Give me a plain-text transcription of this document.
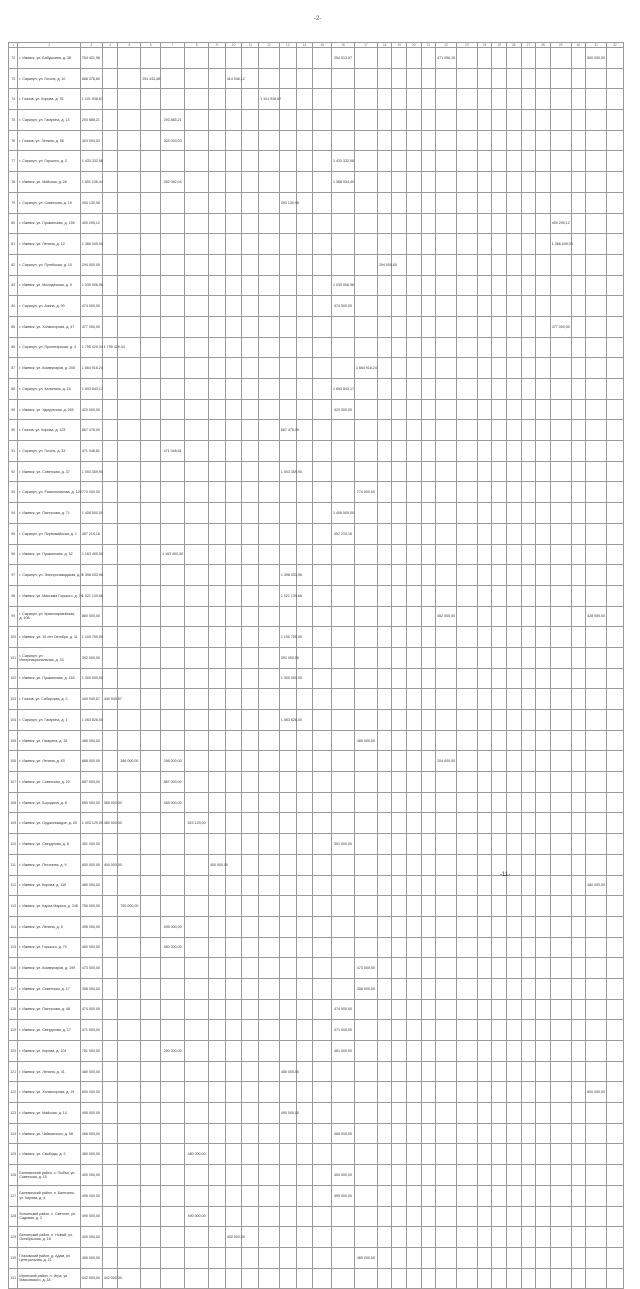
-2-
1	2	3	4	5	6	7	8	9	10	11	12	13	14	15	16	17	18	19	20	21	22	23	24	25	26	27	28	29	30	31	32
72	г. Ижевск, ул. Бабушкина, д. 38	754 421,96													254 513,97						471 096,15									500 000,00	
73	г. Сарапул, ул. Гоголя, д. 10	666 378,80			251 432,68				414 946,12																						
74	г. Глазов, ул. Кирова, д. 76	1 101 936,67									1 101 936,67																				
75	г. Сарапул, ул. Гагарина, д. 13	293 885,21				293 885,21																									
76	г. Глазов, ул. Ленина, д. 56	303 003,03				303 003,03																									
77	г. Сарапул, ул. Горького, д. 2	1 433 332,58													1 433 332,58																
78	г. Ижевск, ул. Майская, д. 26	1 651 136,44				283 082,04									1 368 054,40																
79	г. Сарапул, ул. Советская, д. 19	493 130,98										493 130,98																			
80	г. Ижевск, ул. Пушкинская, д. 155	400 295,12																										400 295,12			
81	г. Ижевск, ул. Ленина, д. 12	1 366 049,00																										1 366 049,00			
82	г. Сарапул, ул. Путейская, д. 10	294 000,00															294 000,00														
83	г. Ижевск, ул. Молодёжная, д. 9	1 039 006,96													1 039 006,96																
84	г. Сарапул, ул. Азина, д. 90	474 000,00													474 000,00																
85	г. Ижевск, ул. Холмогорова, д. 47	477 000,00																										477 000,00			
86	г. Сарапул, ул. Пролетарская, д. 4	1 795 429,34	1 795 429,34																												
87	г. Ижевск, ул. Коммунаров, д. 205	1 664 918,24														1 664 918,24															
88	г. Сарапул, ул. Калинина, д. 16	1 693 843,17													1 693 843,17																
89	г. Ижевск, ул. Удмуртская, д. 265	420 000,00													420 000,00																
90	г. Глазов, ул. Кирова, д. 103	867 478,09										867 478,09																			
91	г. Сарапул, ул. Гоголя, д. 33	471 048,61				471 048,61																									
92	г. Ижевск, ул. Советская, д. 37	1 003 359,90										1 003 359,90																			
93	г. Сарапул, ул. Раскольникова, д. 126	774 000,00														774 000,00															
94	г. Ижевск, ул. Пастухова, д. 71	1 408 500,00													1 408 500,00																
95	г. Сарапул, ул. Первомайская, д. 1	457 219,16													457 219,16																
96	г. Ижевск, ул. Пушкинская, д. 52	1 163 400,00				1 163 400,00																									
97	г. Сарапул, ул. Электрозаводская, д. 9	1 398 033,96										1 398 033,96																			
98	г. Ижевск, ул. Максима Горького, д. 74	1 021 139,66										1 021 139,66																			
99	г. Сарапул, ул. Красноармейская, д. 108	880 000,00																			452 000,00									428 000,00	
100	г. Ижевск, ул. 10 лет Октября, д. 11	1 100 759,00										1 100 759,00																			
101	г. Сарапул, ул. Интернациональная, д. 33	392 000,00										392 000,00																			
102	г. Ижевск, ул. Пушкинская, д. 163	1 300 000,00										1 300 000,00																			
103	г. Глазов, ул. Сибирская, д. 3	449 949,57	449 949,57																												
104	г. Сарапул, ул. Гагарина, д. 1	1 063 826,00										1 063 826,00																			
105	г. Ижевск, ул. Гагарина, д. 26	485 000,00														485 000,00															
106	г. Ижевск, ул. Ленина, д. 63	888 000,00		386 000,00		298 000,00															204 000,00										
107	г. Ижевск, ул. Советская, д. 20	887 000,00				887 000,00																									
108	г. Ижевск, ул. Бородина, д. 8	850 000,00	385 000,00			465 000,00																									
109	г. Ижевск, ул. Орджоникидзе, д. 20	1 003 129,00	480 000,00				523 129,00																								
110	г. Ижевск, ул. Свердлова, д. 6	351 000,00													351 000,00																
111	г. Ижевск, ул. Песочная, д. 9	800 000,00	400 000,00					400 000,00																							
112	г. Ижевск, ул. Кирова, д. 115	480 000,00																												480 000,00	
113	г. Ижевск, ул. Карла Маркса, д. 248	750 000,00		750 000,00																											
114	г. Ижевск, ул. Ленина, д. 5	495 000,00				495 000,00																									
115	г. Ижевск, ул. Горького, д. 70	460 000,00				460 000,00																									
116	г. Ижевск, ул. Коммунаров, д. 199	473 000,00														473 000,00															
117	г. Ижевск, ул. Советская, д. 17	358 000,00														358 000,00															
118	г. Ижевск, ул. Пастухова, д. 48	474 000,00													474 000,00																
119	г. Ижевск, ул. Свердлова, д. 17	471 000,00													471 000,00																
120	г. Ижевск, ул. Кирова, д. 104	751 000,00				290 000,00									461 000,00																
121	г. Ижевск, ул. Ленина, д. 41	480 000,00										480 000,00																			
122	г. Ижевск, ул. Холмогорова, д. 19	600 000,00																												600 000,00	
123	г. Ижевск, ул. Майская, д. 14	495 000,00										495 000,00																			
124	г. Ижевск, ул. Чайковского, д. 58	466 000,00													466 000,00																
125	г. Ижевск, ул. Свободы, д. 2	480 000,00					480 000,00																								
126	Балезинский район, с. Пыбья, ул. Советская, д. 15	400 000,00													400 000,00																
127	Балезинский район, п. Балезино, ул. Кирова, д. 4	495 000,00													495 000,00																
128	Воткинский район, с. Светлое, ул. Садовая, д. 2	490 000,00					490 000,00																								
129	Воткинский район, п. Новый, ул. Октябрьская, д. 18	400 000,00							400 000,00																						
130	Глазовский район, д. Адам, ул. Центральная, д. 21	465 000,00														465 000,00															
131	Игринский район, п. Игра, ул. Маяковского, д. 18	442 000,00	442 000,00																												
-11-
